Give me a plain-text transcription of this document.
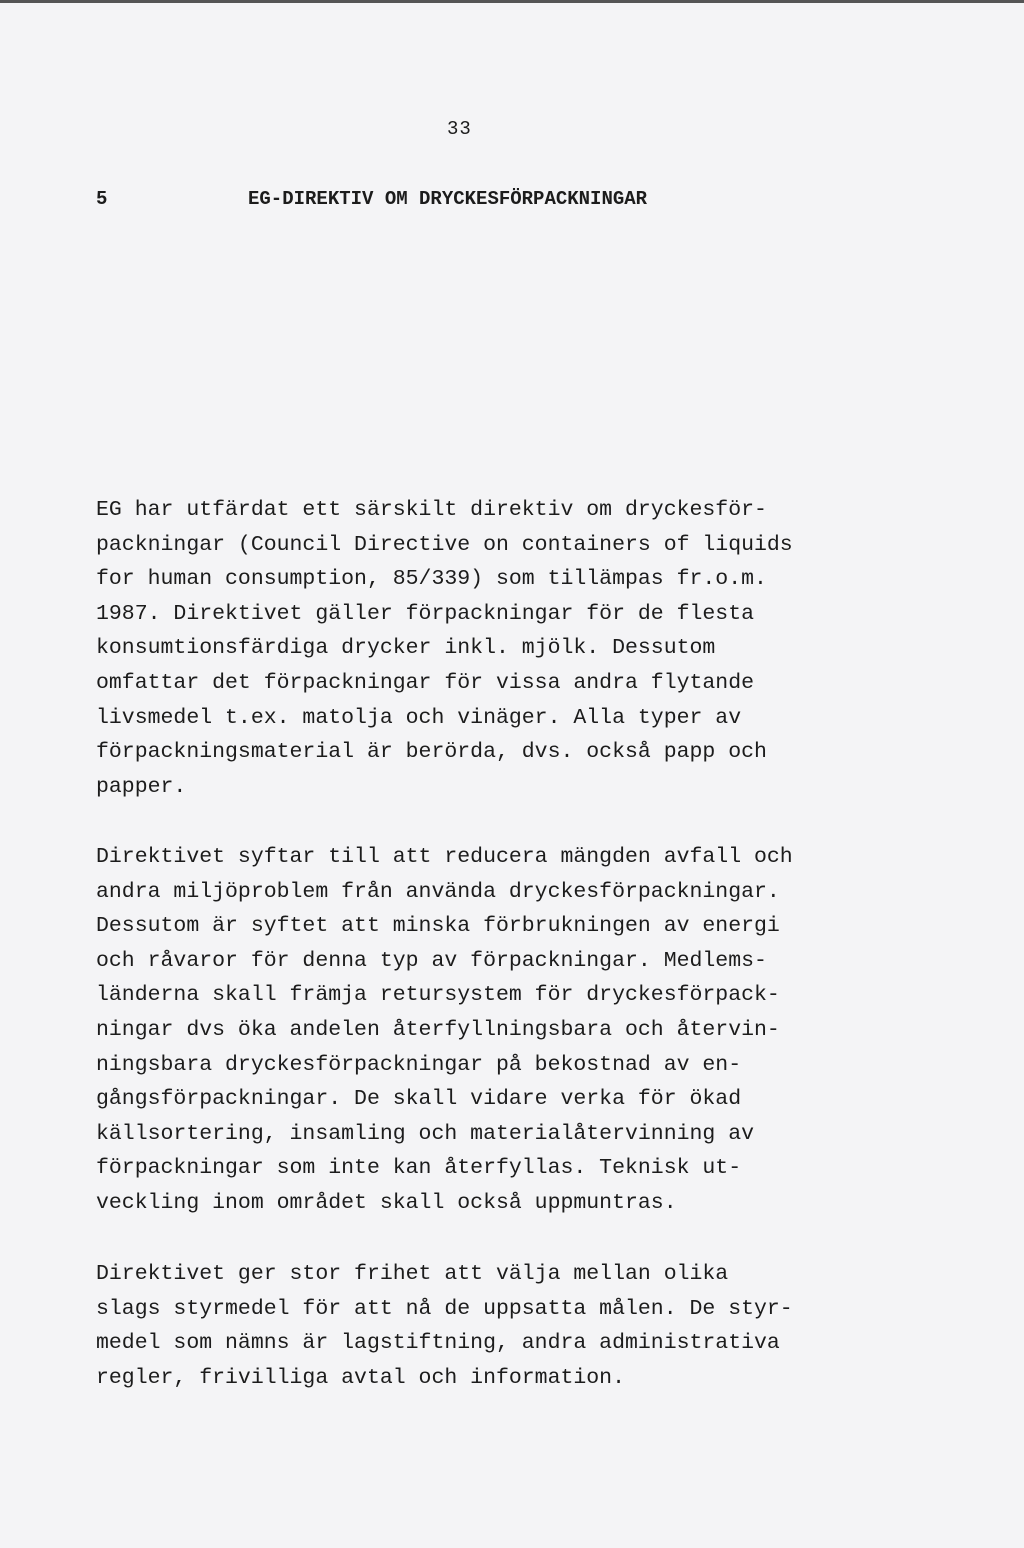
33
5	EG-DIREKTIV OM DRYCKESFÖRPACKNINGAR
EG har utfärdat ett särskilt direktiv om dryckesför-
packningar (Council Directive on containers of liquids
for human consumption, 85/339) som tillämpas fr.o.m.
1987. Direktivet gäller förpackningar för de flesta
konsumtionsfärdiga drycker inkl. mjölk. Dessutom
omfattar det förpackningar för vissa andra flytande
livsmedel t.ex. matolja och vinäger. Alla typer av
förpackningsmaterial är berörda, dvs. också papp och
papper.
Direktivet syftar till att reducera mängden avfall och
andra miljöproblem från använda dryckesförpackningar.
Dessutom är syftet att minska förbrukningen av energi
och råvaror för denna typ av förpackningar. Medlems-
länderna skall främja retursystem för dryckesförpack-
ningar dvs öka andelen återfyllningsbara och återvin-
ningsbara dryckesförpackningar på bekostnad av en-
gångsförpackningar. De skall vidare verka för ökad
källsortering, insamling och materialåtervinning av
förpackningar som inte kan återfyllas. Teknisk ut-
veckling inom området skall också uppmuntras.
Direktivet ger stor frihet att välja mellan olika
slags styrmedel för att nå de uppsatta målen. De styr-
medel som nämns är lagstiftning, andra administrativa
regler, frivilliga avtal och information.
